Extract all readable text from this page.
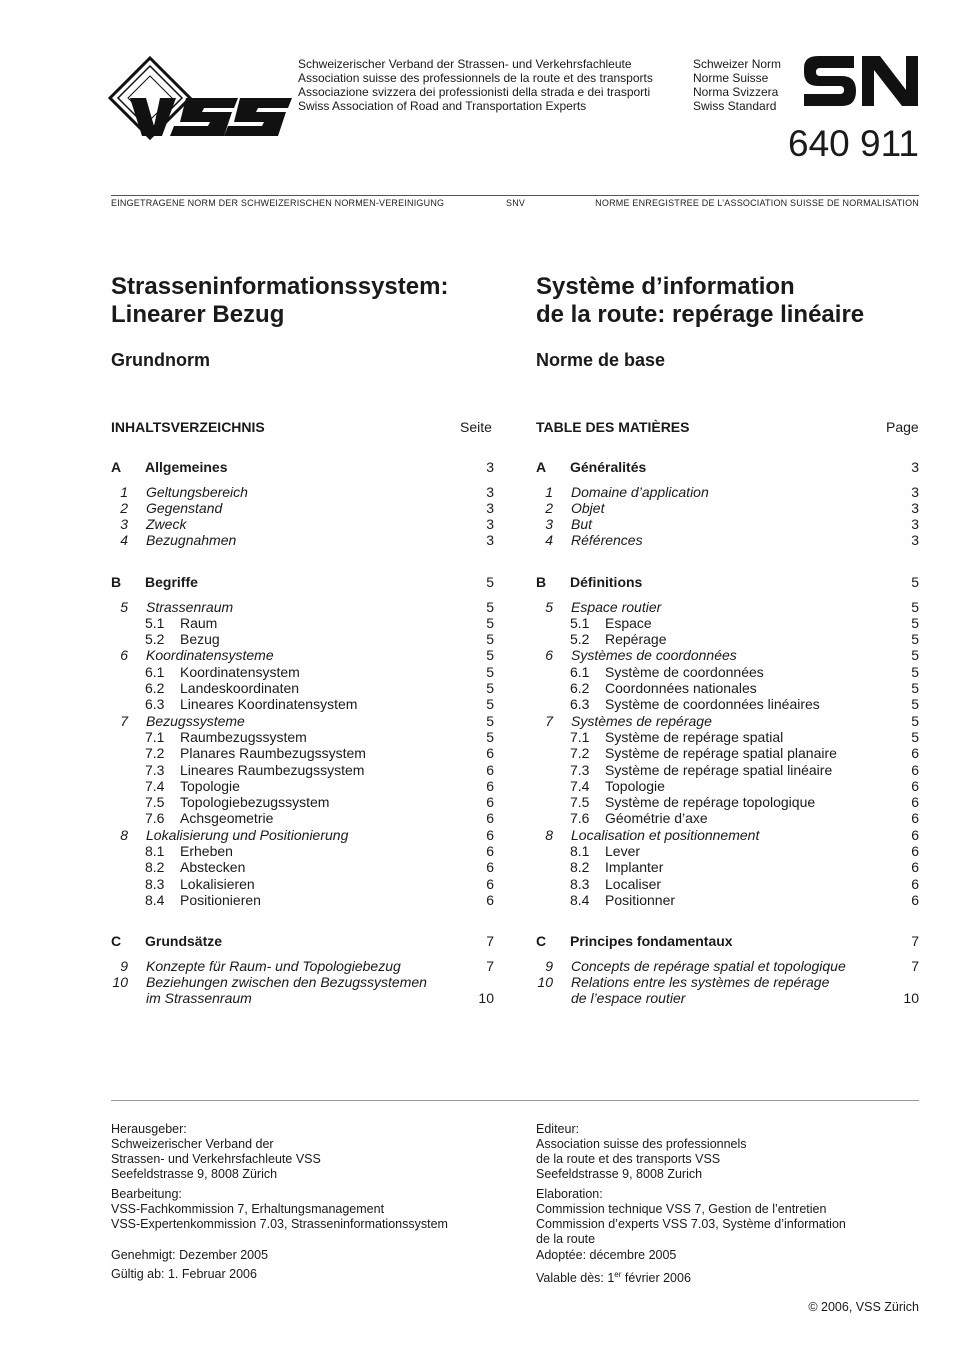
Schweizerischer Verband der Strassen- und Verkehrsfachleute
Association suisse des professionnels de la route et des transports
Associazione svizzera dei professionisti della strada e dei trasporti
Swiss Association of Road and Transportation Experts
Schweizer Norm
Norme Suisse
Norma Svizzera
Swiss Standard
640 911
EINGETRAGENE NORM DER SCHWEIZERISCHEN NORMEN-VEREINIGUNG	SNV	NORME ENREGISTREE DE L’ASSOCIATION SUISSE DE NORMALISATION
Strasseninformationssystem:
Linearer Bezug
Système d’information
de la route: repérage linéaire
Grundnorm	Norme de base
INHALTSVERZEICHNIS	Seite	TABLE DES MATIÈRES	Page
A Allgemeines	3
1 Geltungsbereich	3
2 Gegenstand	3
3 Zweck	3
4 Bezugnahmen	3
B Begriffe	5
5 Strassenraum	5
5.1 Raum	5
5.2 Bezug	5
6 Koordinatensysteme	5
6.1 Koordinatensystem	5
6.2 Landeskoordinaten	5
6.3 Lineares Koordinatensystem	5
7 Bezugssysteme	5
7.1 Raumbezugssystem	5
7.2 Planares Raumbezugssystem	6
7.3 Lineares Raumbezugssystem	6
7.4 Topologie	6
7.5 Topologiebezugssystem	6
7.6 Achsgeometrie	6
8 Lokalisierung und Positionierung	6
8.1 Erheben	6
8.2 Abstecken	6
8.3 Lokalisieren	6
8.4 Positionieren	6
C Grundsätze	7
9 Konzepte für Raum- und Topologiebezug	7
10 Beziehungen zwischen den Bezugssystemen
im Strassenraum	10
A Généralités	3
1 Domaine d’application	3
2 Objet	3
3 But	3
4 Références	3
B Définitions	5
5 Espace routier	5
5.1 Espace	5
5.2 Repérage	5
6 Systèmes de coordonnées	5
6.1 Système de coordonnées	5
6.2 Coordonnées nationales	5
6.3 Système de coordonnées linéaires	5
7 Systèmes de repérage	5
7.1 Système de repérage spatial	5
7.2 Système de repérage spatial planaire	6
7.3 Système de repérage spatial linéaire	6
7.4 Topologie	6
7.5 Système de repérage topologique	6
7.6 Géométrie d’axe	6
8 Localisation et positionnement	6
8.1 Lever	6
8.2 Implanter	6
8.3 Localiser	6
8.4 Positionner	6
C Principes fondamentaux	7
9 Concepts de repérage spatial et topologique	7
10 Relations entre les systèmes de repérage
de l’espace routier	10
Herausgeber:
Schweizerischer Verband der
Strassen- und Verkehrsfachleute VSS
Seefeldstrasse 9, 8008 Zürich
Bearbeitung:
VSS-Fachkommission 7, Erhaltungsmanagement
VSS-Expertenkommission 7.03, Strasseninformationssystem
Genehmigt: Dezember 2005
Gültig ab: 1. Februar 2006
Editeur:
Association suisse des professionnels
de la route et des transports VSS
Seefeldstrasse 9, 8008 Zurich
Elaboration:
Commission technique VSS 7, Gestion de l’entretien
Commission d’experts VSS 7.03, Système d’information
de la route
Adoptée: décembre 2005
Valable dès: 1er février 2006
© 2006, VSS Zürich
